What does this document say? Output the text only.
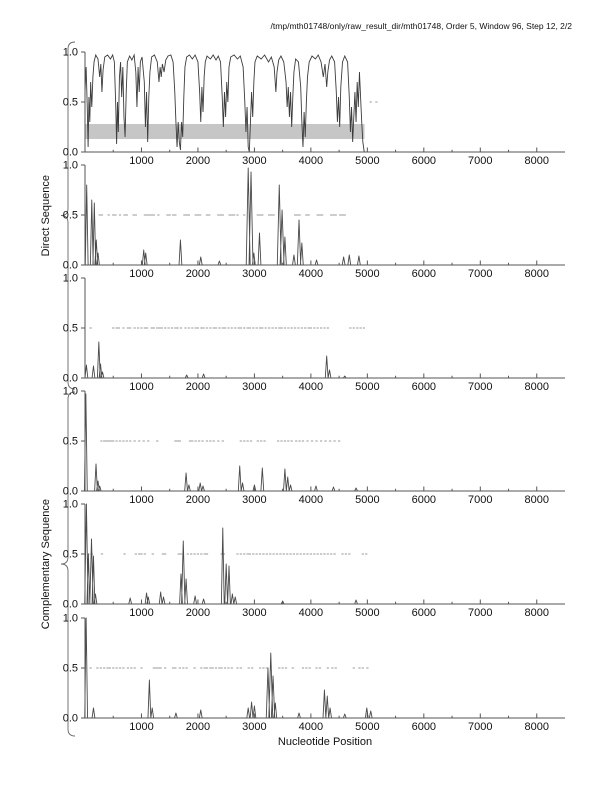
/tmp/mth01748/only/raw_result_dir/mth01748, Order 5, Window 96, Step 12, 2/2
Direct Sequence
Complementary Sequence
1000	2000	3000	4000	5000	6000	7000	8000
1.0
0.5
0.0
1000	2000	3000	4000	5000	6000	7000	8000
1.0
0.5
0.0
1000	2000	3000	4000	5000	6000	7000	8000
1.0
0.5
0.0
1000	2000	3000	4000	5000	6000	7000	8000
1.0
0.5
0.0
1000	2000	3000	4000	5000	6000	7000	8000
1.0
0.5
0.0
1000	2000	3000	4000	5000	6000	7000	8000
1.0
0.5
0.0
Nucleotide Position
